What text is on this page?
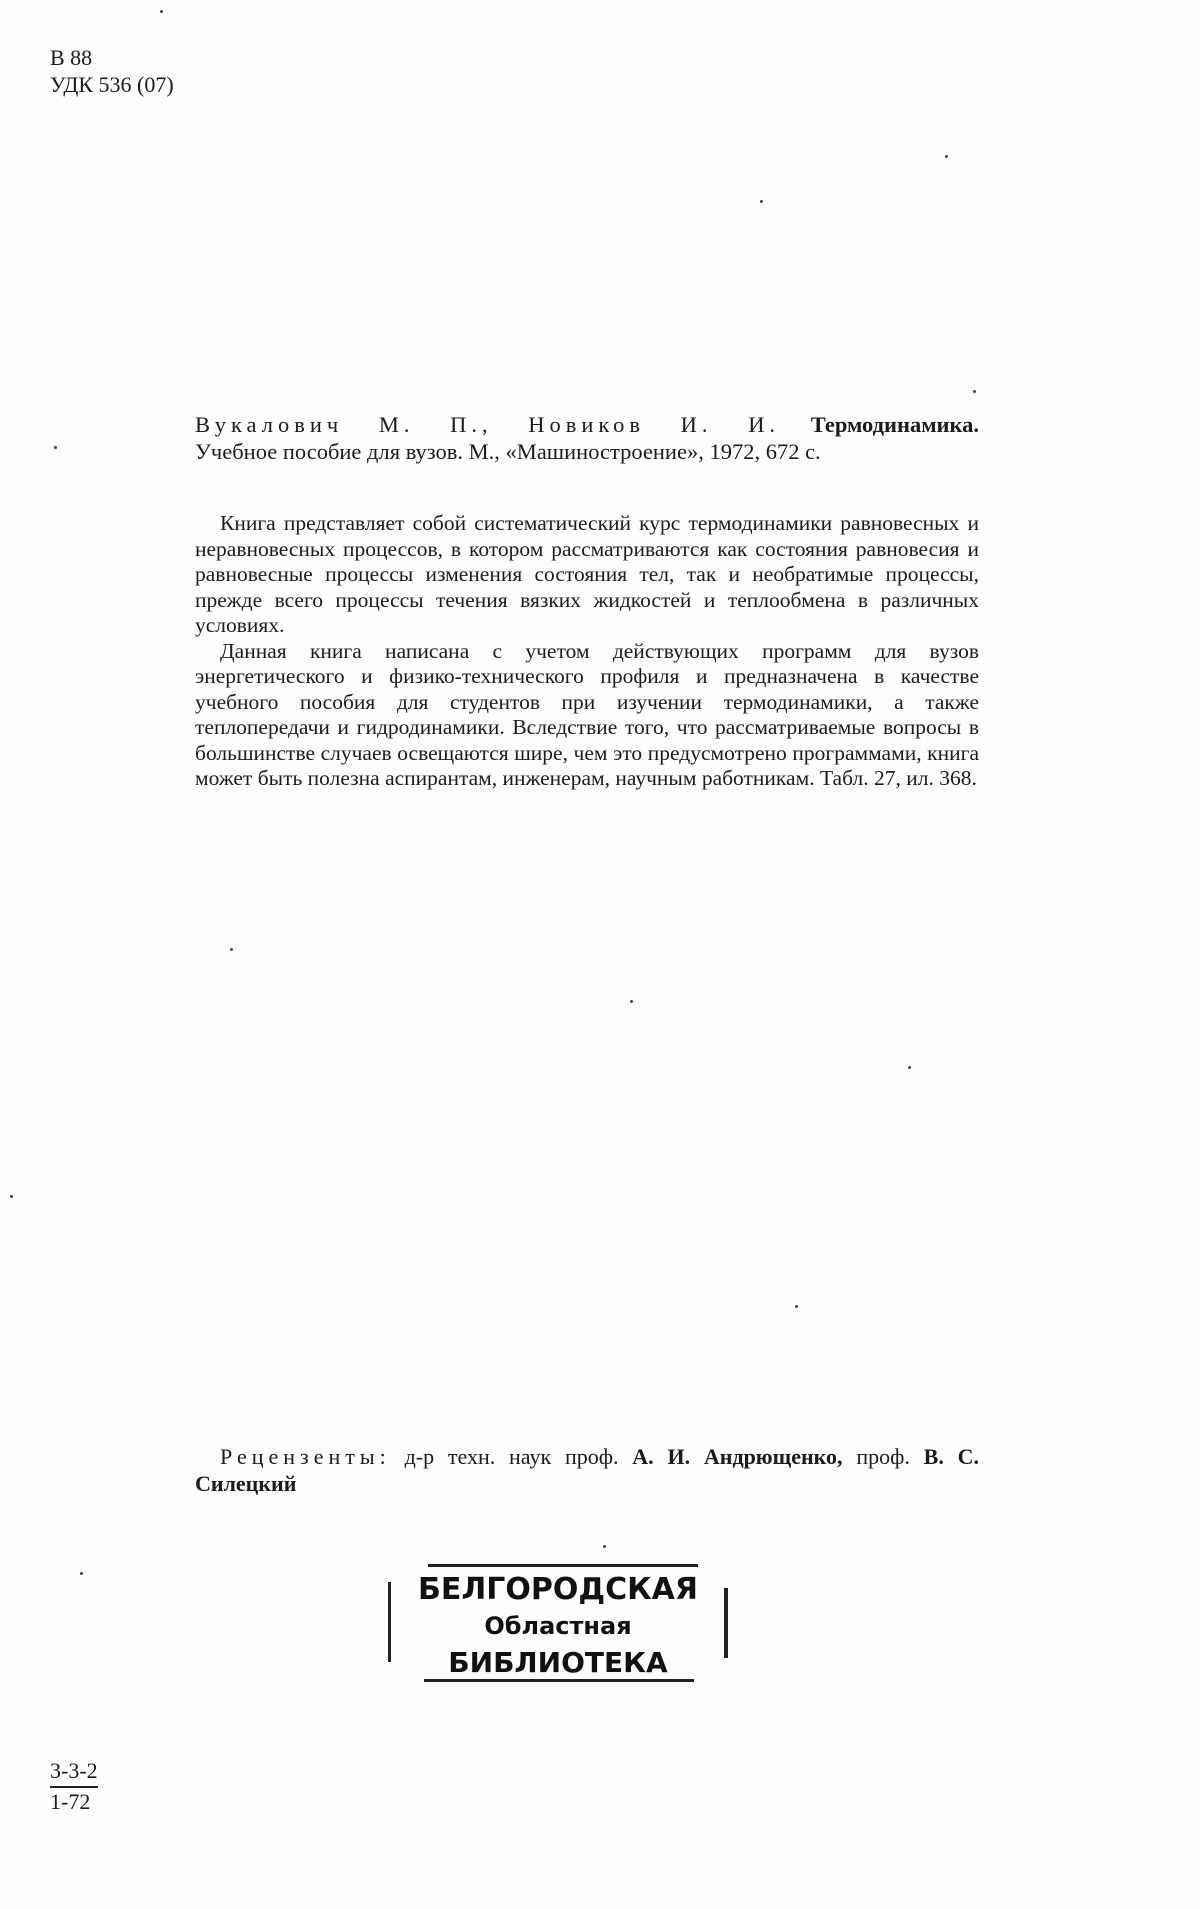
В 88
УДК 536 (07)
Вукалович М. П., Новиков И. И. Термодинамика.
Учебное пособие для вузов. М., «Машиностроение», 1972, 672 с.

Книга представляет собой систематический курс термодинамики равновесных и неравновесных процессов, в котором рассматриваются как состояния равновесия и равновесные процессы изменения состояния тел, так и необратимые процессы, прежде всего процессы течения вязких жидкостей и теплообмена в различных условиях.

Данная книга написана с учетом действующих программ для вузов энергетического и физико-технического профиля и предназначена в качестве учебного пособия для студентов при изучении термодинамики, а также теплопередачи и гидродинамики. Вследствие того, что рассматриваемые вопросы в большинстве случаев освещаются шире, чем это предусмотрено программами, книга может быть полезна аспирантам, инженерам, научным работникам. Табл. 27, ил. 368.

Рецензенты: д-р техн. наук проф. А. И. Андрющенко, проф. В. С. Силецкий
БЕЛГОРОДСКАЯ
Областная
БИБЛИОТЕКА
3-3-2
1-72
